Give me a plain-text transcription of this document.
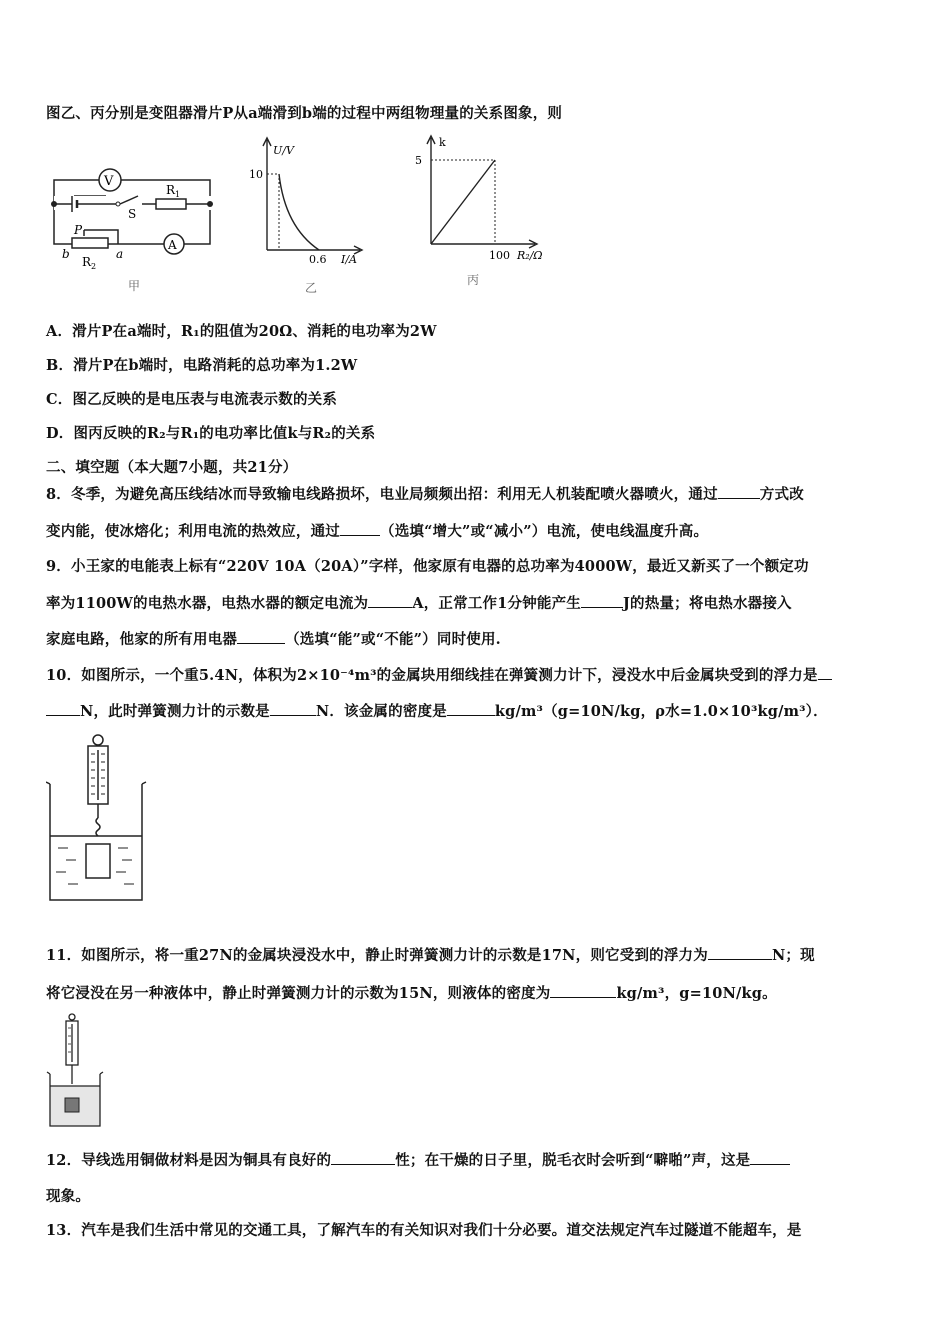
图乙、丙分别是变阻器滑片P从a端滑到b端的过程中两组物理量的关系图象，则
V
R 1
S
A
P
b	a
R 2
甲
U/V
10
0.6 I/A
乙
k
5
100 R₂/Ω
丙
A．滑片P在a端时，R₁的阻值为20Ω、消耗的电功率为2W
B．滑片P在b端时，电路消耗的总功率为1.2W
C．图乙反映的是电压表与电流表示数的关系
D．图丙反映的R₂与R₁的电功率比值k与R₂的关系
二、填空题（本大题7小题，共21分）
8．冬季，为避免高压线结冰而导致输电线路损坏，电业局频频出招：利用无人机装配喷火器喷火，通过	方式改
变内能，使冰熔化；利用电流的热效应，通过	（选填“增大”或“减小”）电流，使电线温度升高。
9．小王家的电能表上标有“220V 10A（20A）”字样，他家原有电器的总功率为4000W，最近又新买了一个额定功
率为1100W的电热水器，电热水器的额定电流为	A，正常工作1分钟能产生	J的热量；将电热水器接入
家庭电路，他家的所有用电器	（选填“能”或“不能”）同时使用.
10．如图所示，一个重5.4N，体积为2×10⁻⁴m³的金属块用细线挂在弹簧测力计下，浸没水中后金属块受到的浮力是
N，此时弹簧测力计的示数是	N．该金属的密度是	kg/m³（g=10N/kg，ρ水=1.0×10³kg/m³）．
11．如图所示，将一重27N的金属块浸没水中，静止时弹簧测力计的示数是17N，则它受到的浮力为	N；现
将它浸没在另一种液体中，静止时弹簧测力计的示数为15N，则液体的密度为	kg/m³，g=10N/kg。
12．导线选用铜做材料是因为铜具有良好的	性；在干燥的日子里，脱毛衣时会听到“噼啪”声，这是
现象。
13．汽车是我们生活中常见的交通工具，了解汽车的有关知识对我们十分必要。道交法规定汽车过隧道不能超车，是
